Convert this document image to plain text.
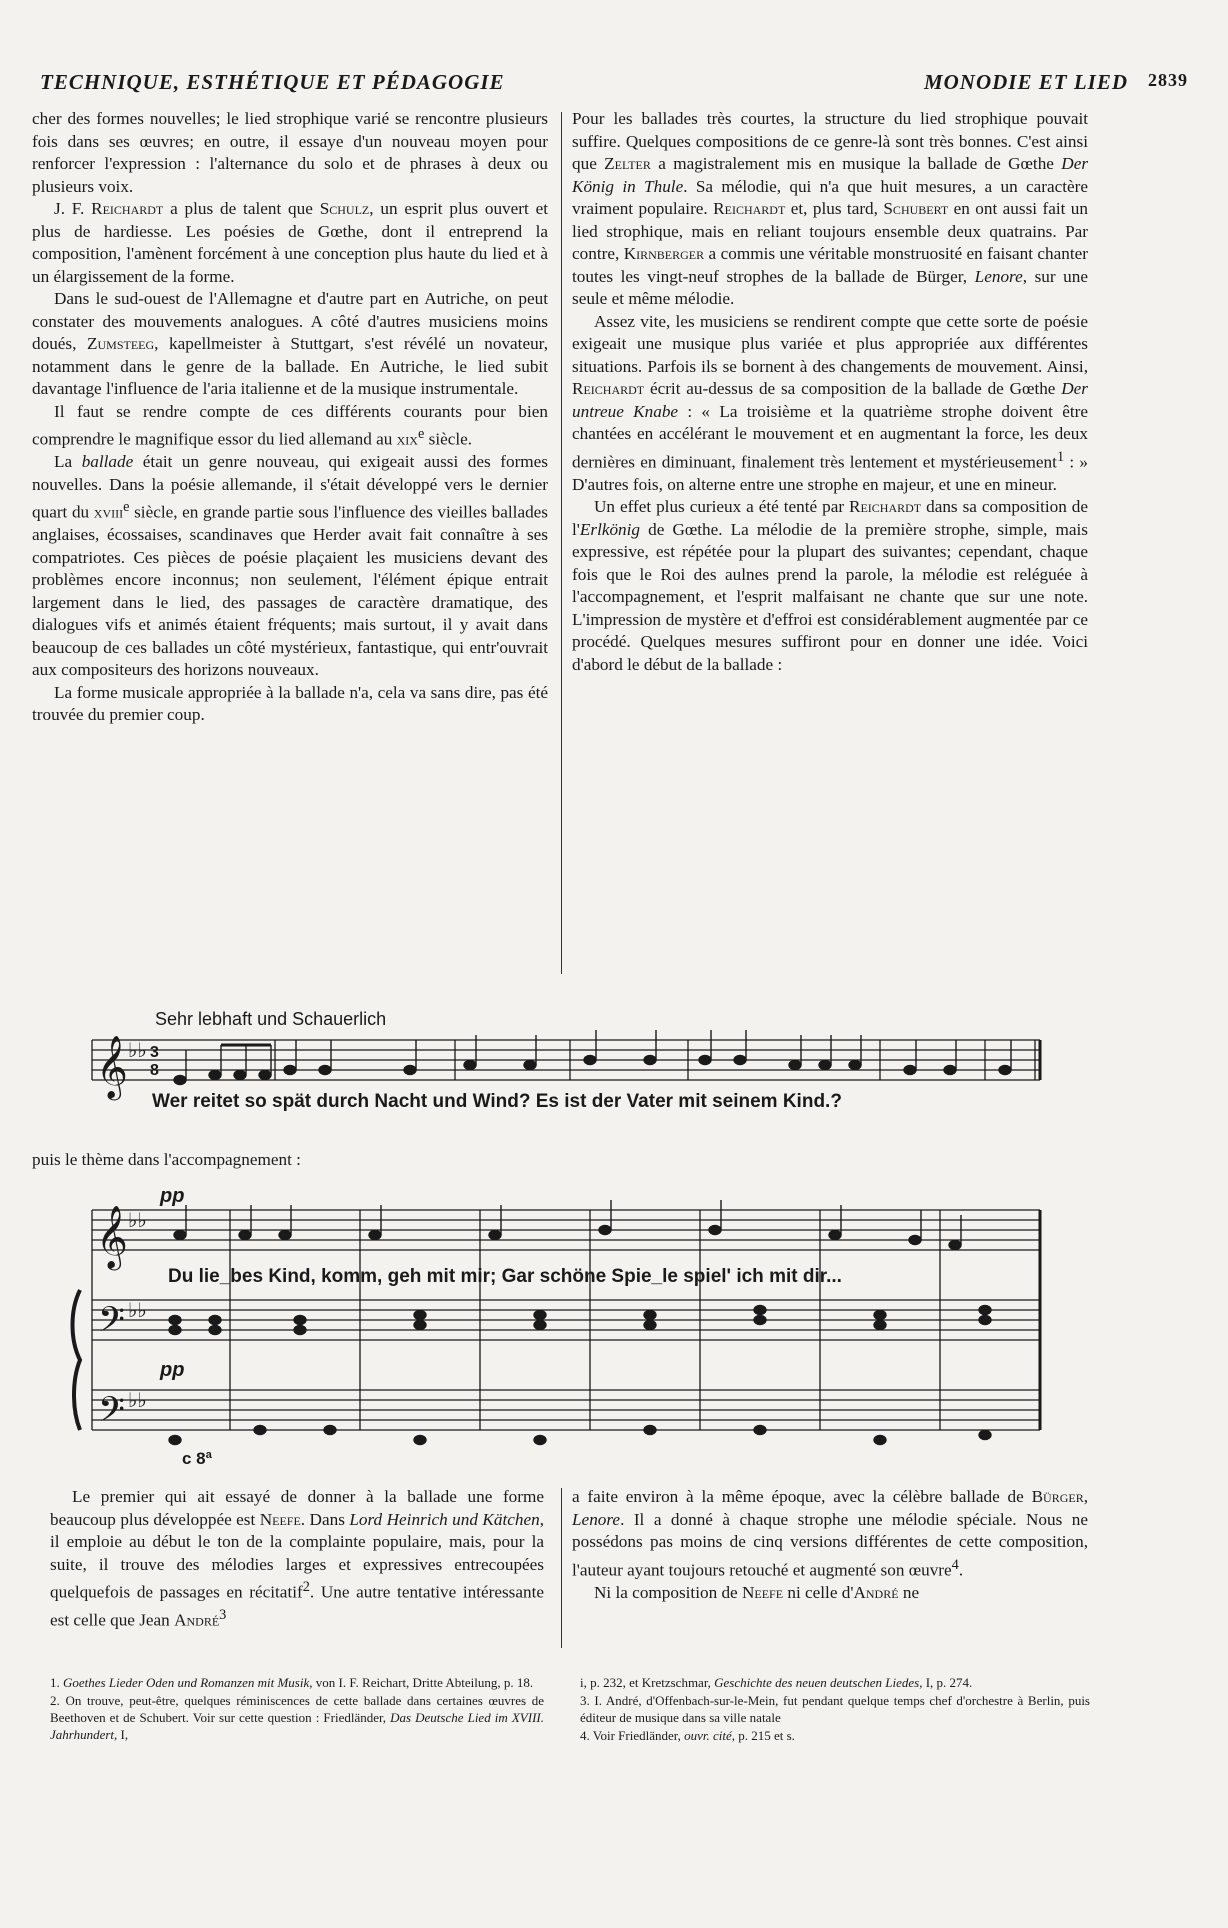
TECHNIQUE, ESTHÉTIQUE ET PÉDAGOGIE	MONODIE ET LIED 2839

cher des formes nouvelles; le lied strophique varié se rencontre plusieurs fois dans ses œuvres; en outre, il essaye d'un nouveau moyen pour renforcer l'expression : l'alternance du solo et de phrases à deux ou plusieurs voix.

J. F. Reichardt a plus de talent que Schulz, un esprit plus ouvert et plus de hardiesse. Les poésies de Gœthe, dont il entreprend la composition, l'amènent forcément à une conception plus haute du lied et à un élargissement de la forme.

Dans le sud-ouest de l'Allemagne et d'autre part en Autriche, on peut constater des mouvements analogues. A côté d'autres musiciens moins doués, Zumsteeg, kapellmeister à Stuttgart, s'est révélé un novateur, notamment dans le genre de la ballade. En Autriche, le lied subit davantage l'influence de l'aria italienne et de la musique instrumentale.

Il faut se rendre compte de ces différents courants pour bien comprendre le magnifique essor du lied allemand au xix$^e$ siècle.

La ballade était un genre nouveau, qui exigeait aussi des formes nouvelles. Dans la poésie allemande, il s'était développé vers le dernier quart du xviii$^e$ siècle, en grande partie sous l'influence des vieilles ballades anglaises, écossaises, scandinaves que Herder avait fait connaître à ses compatriotes. Ces pièces de poésie plaçaient les musiciens devant des problèmes encore inconnus; non seulement, l'élément épique entrait largement dans le lied, des passages de caractère dramatique, des dialogues vifs et animés étaient fréquents; mais surtout, il y avait dans beaucoup de ces ballades un côté mystérieux, fantastique, qui entr'ouvrait aux compositeurs des horizons nouveaux.

La forme musicale appropriée à la ballade n'a, cela va sans dire, pas été trouvée du premier coup.

Pour les ballades très courtes, la structure du lied strophique pouvait suffire. Quelques compositions de ce genre-là sont très bonnes. C'est ainsi que Zelter a magistralement mis en musique la ballade de Gœthe Der König in Thule. Sa mélodie, qui n'a que huit mesures, a un caractère vraiment populaire. Reichardt et, plus tard, Schubert en ont aussi fait un lied strophique, mais en reliant toujours ensemble deux quatrains. Par contre, Kirnberger a commis une véritable monstruosité en faisant chanter toutes les vingt-neuf strophes de la ballade de Bürger, Lenore, sur une seule et même mélodie.

Assez vite, les musiciens se rendirent compte que cette sorte de poésie exigeait une musique plus variée et plus appropriée aux différentes situations. Parfois ils se bornent à des changements de mouvement. Ainsi, Reichardt écrit au-dessus de sa composition de la ballade de Gœthe Der untreue Knabe : « La troisième et la quatrième strophe doivent être chantées en accélérant le mouvement et en augmentant la force, les deux dernières en diminuant, finalement très lentement et mystérieusement$^1$ : » D'autres fois, on alterne entre une strophe en majeur, et une en mineur.

Un effet plus curieux a été tenté par Reichardt dans sa composition de l'Erlkönig de Gœthe. La mélodie de la première strophe, simple, mais expressive, est répétée pour la plupart des suivantes; cependant, chaque fois que le Roi des aulnes prend la parole, la mélodie est reléguée à l'accompagnement, et l'esprit malfaisant ne chante que sur une note. L'impression de mystère et d'effroi est considérablement augmentée par ce procédé. Quelques mesures suffiront pour en donner une idée. Voici d'abord le début de la ballade :

Sehr lebhaft und Schauerlich
𝄞 ♭♭ 3
8
Wer reitet so spät durch Nacht und Wind? Es ist der Vater mit seinem Kind.?
puis le thème dans l'accompagnement :
pp
𝄞
𝄢
𝄢
♭♭
♭♭
♭♭
Du lie_bes Kind, komm, geh mit mir; Gar schöne Spie_le spiel' ich mit dir...
pp
c 8ª

Le premier qui ait essayé de donner à la ballade une forme beaucoup plus développée est Neefe. Dans Lord Heinrich und Kätchen, il emploie au début le ton de la complainte populaire, mais, pour la suite, il trouve des mélodies larges et expressives entrecoupées quelquefois de passages en récitatif$^2$. Une autre tentative intéressante est celle que Jean André$^3$

a faite environ à la même époque, avec la célèbre ballade de Bürger, Lenore. Il a donné à chaque strophe une mélodie spéciale. Nous ne possédons pas moins de cinq versions différentes de cette composition, l'auteur ayant toujours retouché et augmenté son œuvre$^4$.

Ni la composition de Neefe ni celle d'André ne

1. Goethes Lieder Oden und Romanzen mit Musik, von I. F. Reichart, Dritte Abteilung, p. 18.

2. On trouve, peut-être, quelques réminiscences de cette ballade dans certaines œuvres de Beethoven et de Schubert. Voir sur cette question : Friedländer, Das Deutsche Lied im XVIII. Jahrhundert, I,

i, p. 232, et Kretzschmar, Geschichte des neuen deutschen Liedes, I, p. 274.

3. I. André, d'Offenbach-sur-le-Mein, fut pendant quelque temps chef d'orchestre à Berlin, puis éditeur de musique dans sa ville natale

4. Voir Friedländer, ouvr. cité, p. 215 et s.
